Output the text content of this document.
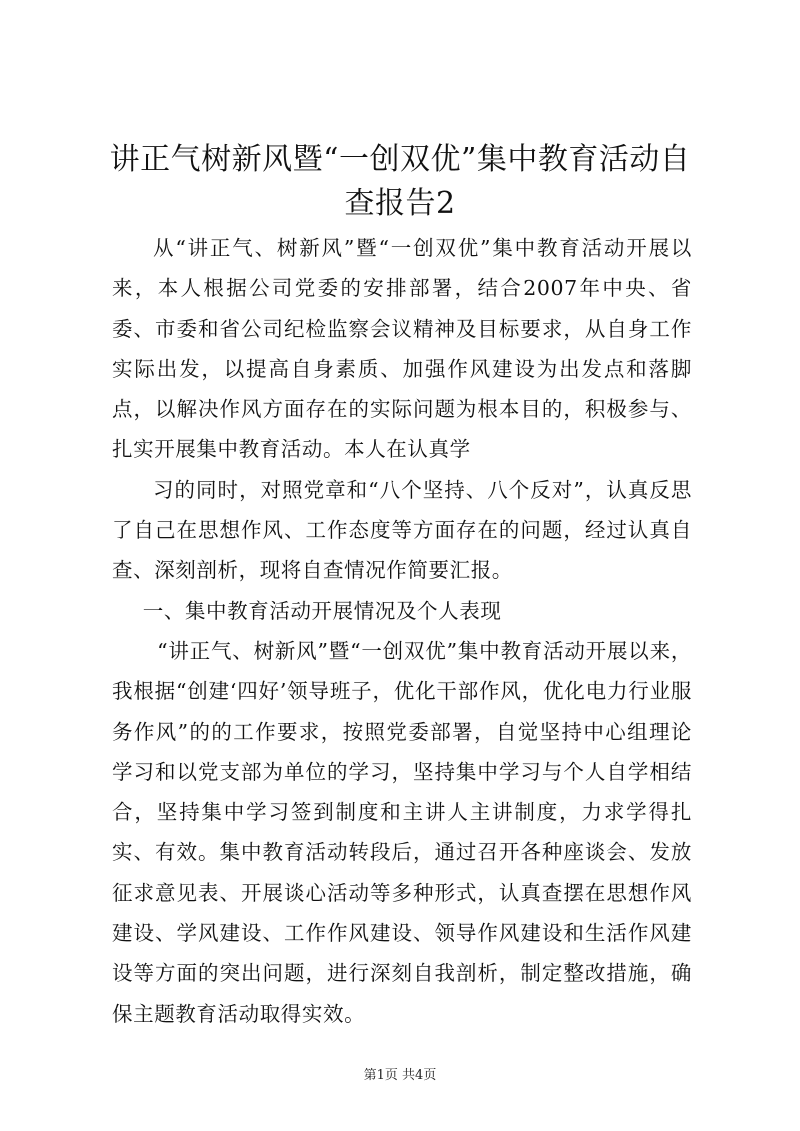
讲正气树新风暨“一创双优”集中教育活动自查报告2

从“讲正气、树新风”暨“一创双优”集中教育活动开展以来，本人根据公司党委的安排部署，结合2007年中央、省委、市委和省公司纪检监察会议精神及目标要求，从自身工作实际出发，以提高自身素质、加强作风建设为出发点和落脚点，以解决作风方面存在的实际问题为根本目的，积极参与、扎实开展集中教育活动。本人在认真学

习的同时，对照党章和“八个坚持、八个反对”，认真反思了自己在思想作风、工作态度等方面存在的问题，经过认真自查、深刻剖析，现将自查情况作简要汇报。

一、集中教育活动开展情况及个人表现

“讲正气、树新风”暨“一创双优”集中教育活动开展以来，我根据“创建‘四好’领导班子，优化干部作风，优化电力行业服务作风”的的工作要求，按照党委部署，自觉坚持中心组理论学习和以党支部为单位的学习，坚持集中学习与个人自学相结合，坚持集中学习签到制度和主讲人主讲制度，力求学得扎实、有效。集中教育活动转段后，通过召开各种座谈会、发放征求意见表、开展谈心活动等多种形式，认真查摆在思想作风建设、学风建设、工作作风建设、领导作风建设和生活作风建设等方面的突出问题，进行深刻自我剖析，制定整改措施，确保主题教育活动取得实效。

第1页 共4页
